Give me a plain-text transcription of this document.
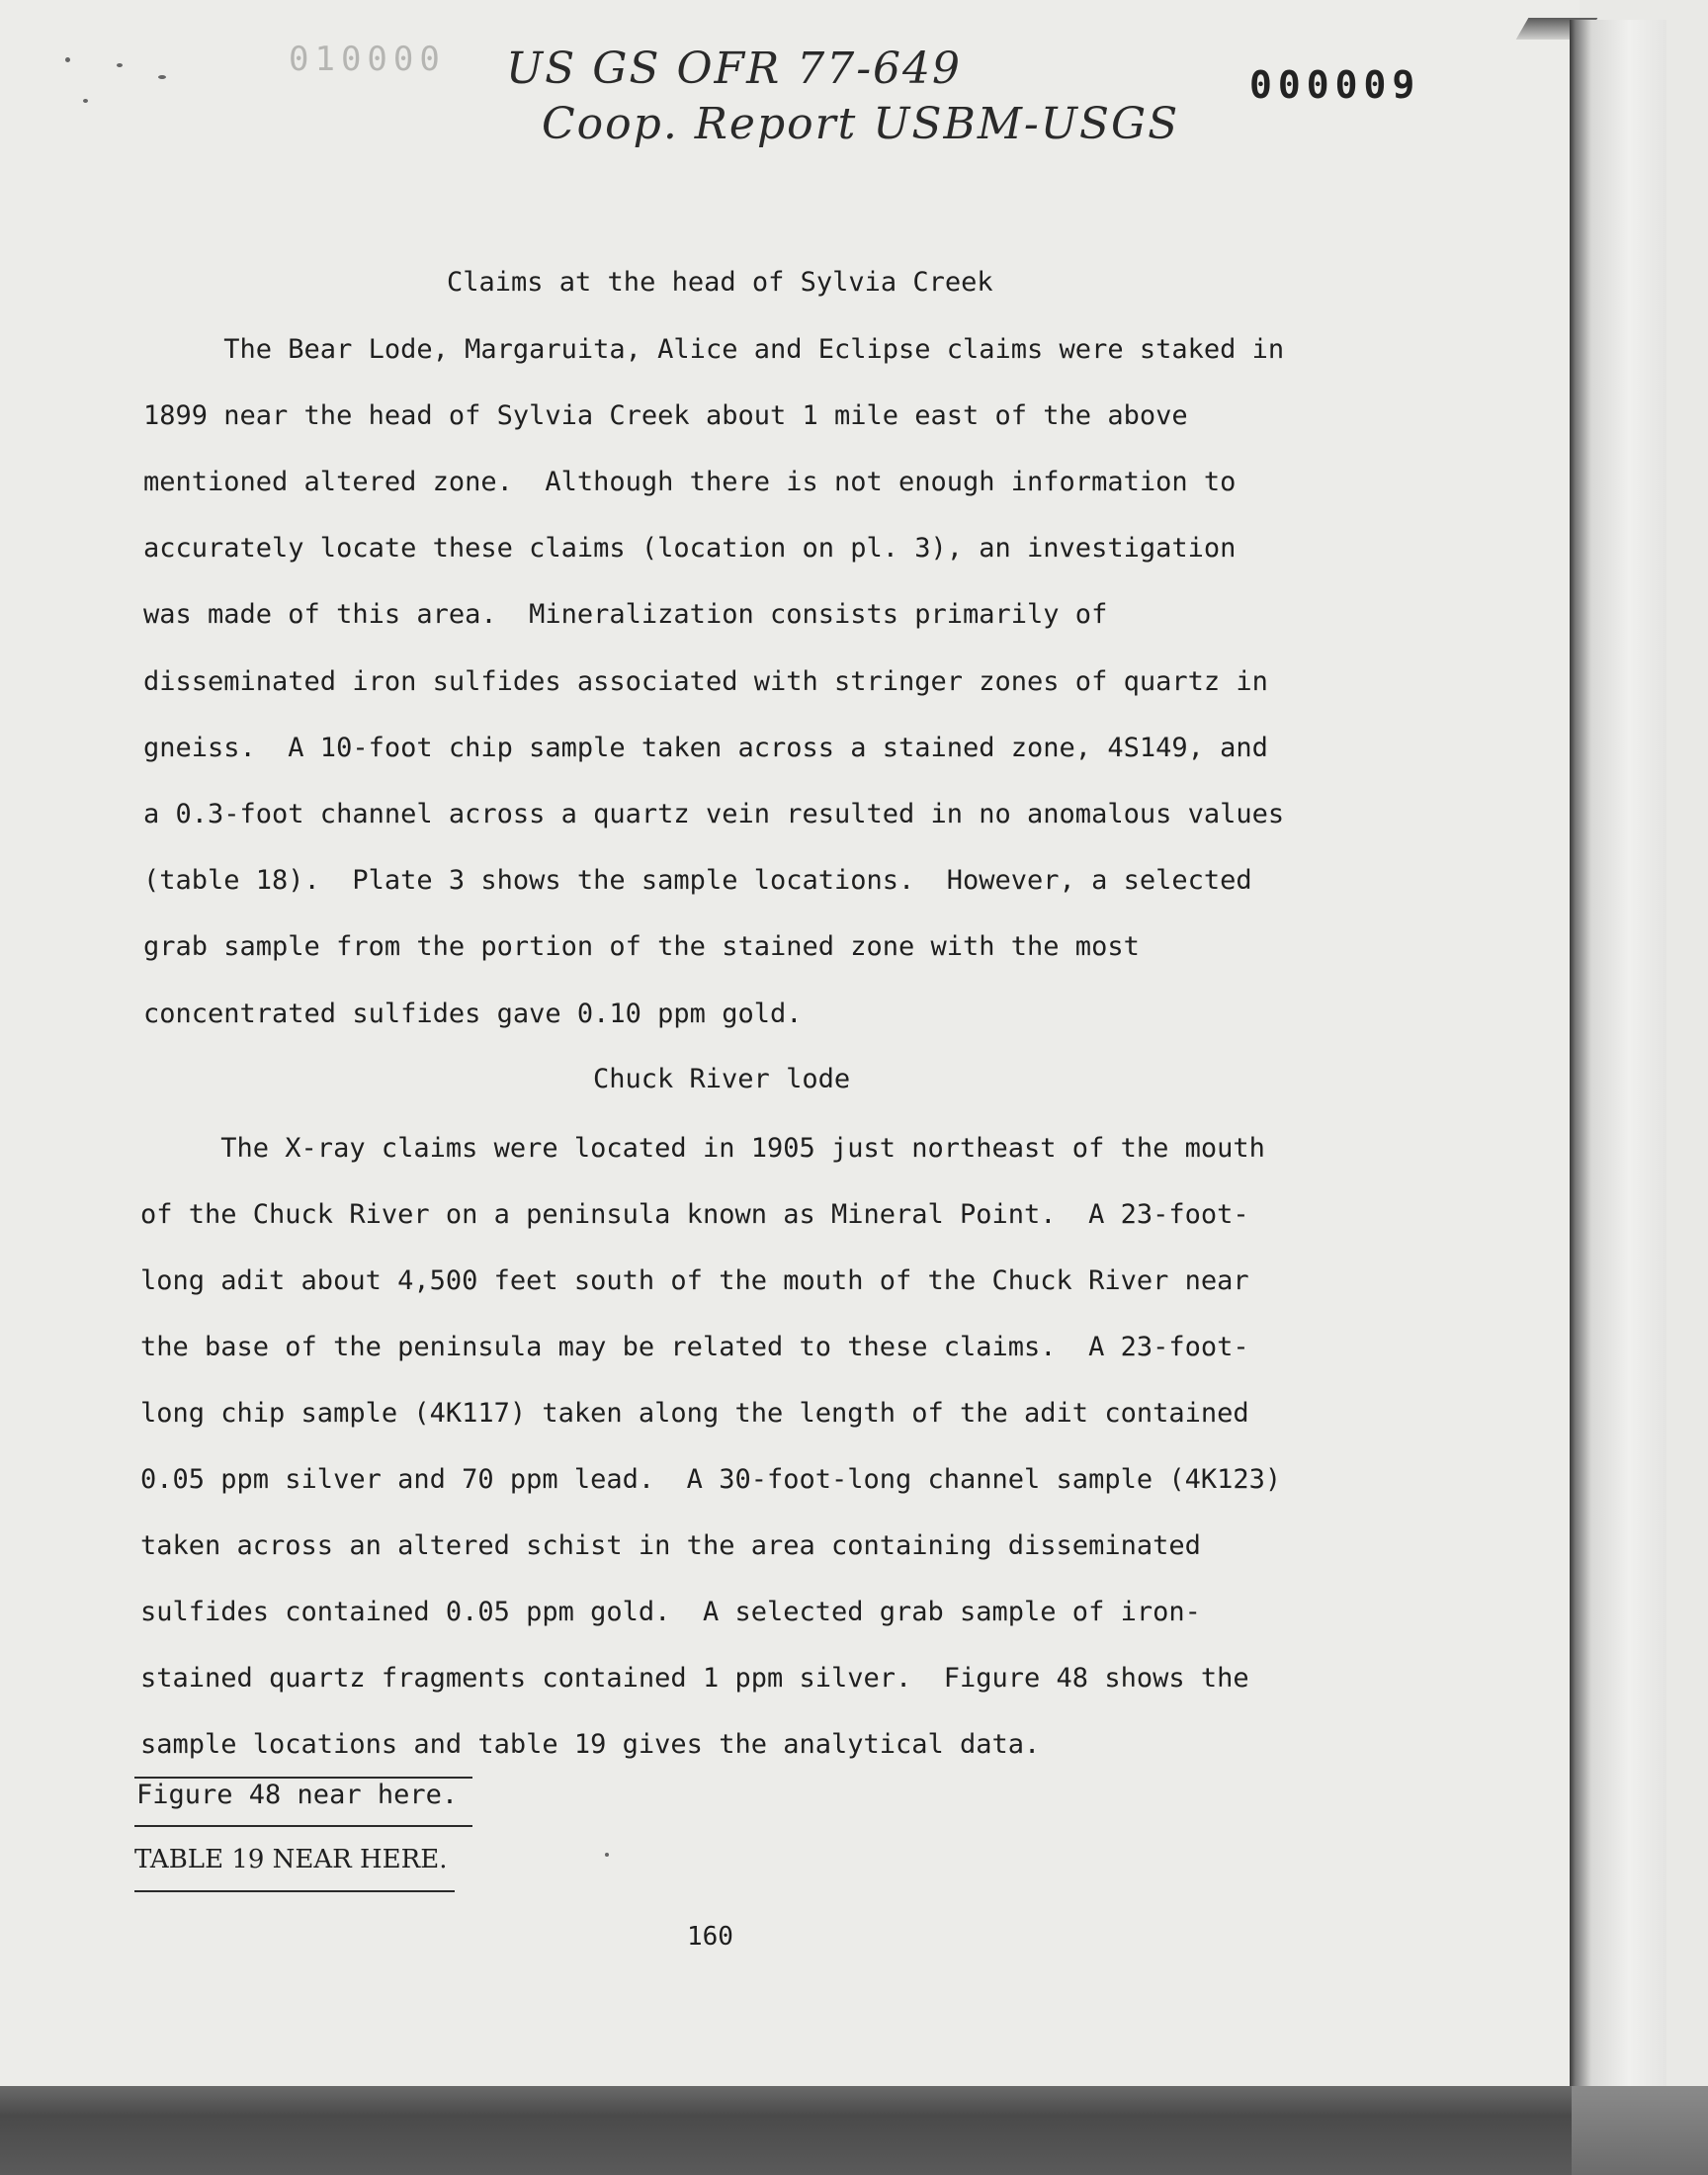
010000 US GS OFR 77-649
Coop. Report USBM-USGS
000009
Claims at the head of Sylvia Creek
The Bear Lode, Margaruita, Alice and Eclipse claims were staked in
1899 near the head of Sylvia Creek about 1 mile east of the above
mentioned altered zone.  Although there is not enough information to
accurately locate these claims (location on pl. 3), an investigation
was made of this area.  Mineralization consists primarily of
disseminated iron sulfides associated with stringer zones of quartz in
gneiss.  A 10-foot chip sample taken across a stained zone, 4S149, and
a 0.3-foot channel across a quartz vein resulted in no anomalous values
(table 18).  Plate 3 shows the sample locations.  However, a selected
grab sample from the portion of the stained zone with the most
concentrated sulfides gave 0.10 ppm gold.
Chuck River lode
The X-ray claims were located in 1905 just northeast of the mouth
of the Chuck River on a peninsula known as Mineral Point.  A 23-foot-
long adit about 4,500 feet south of the mouth of the Chuck River near
the base of the peninsula may be related to these claims.  A 23-foot-
long chip sample (4K117) taken along the length of the adit contained
0.05 ppm silver and 70 ppm lead.  A 30-foot-long channel sample (4K123)
taken across an altered schist in the area containing disseminated
sulfides contained 0.05 ppm gold.  A selected grab sample of iron-
stained quartz fragments contained 1 ppm silver.  Figure 48 shows the
sample locations and table 19 gives the analytical data.
Figure 48 near here.
TABLE 19 NEAR HERE.
160
